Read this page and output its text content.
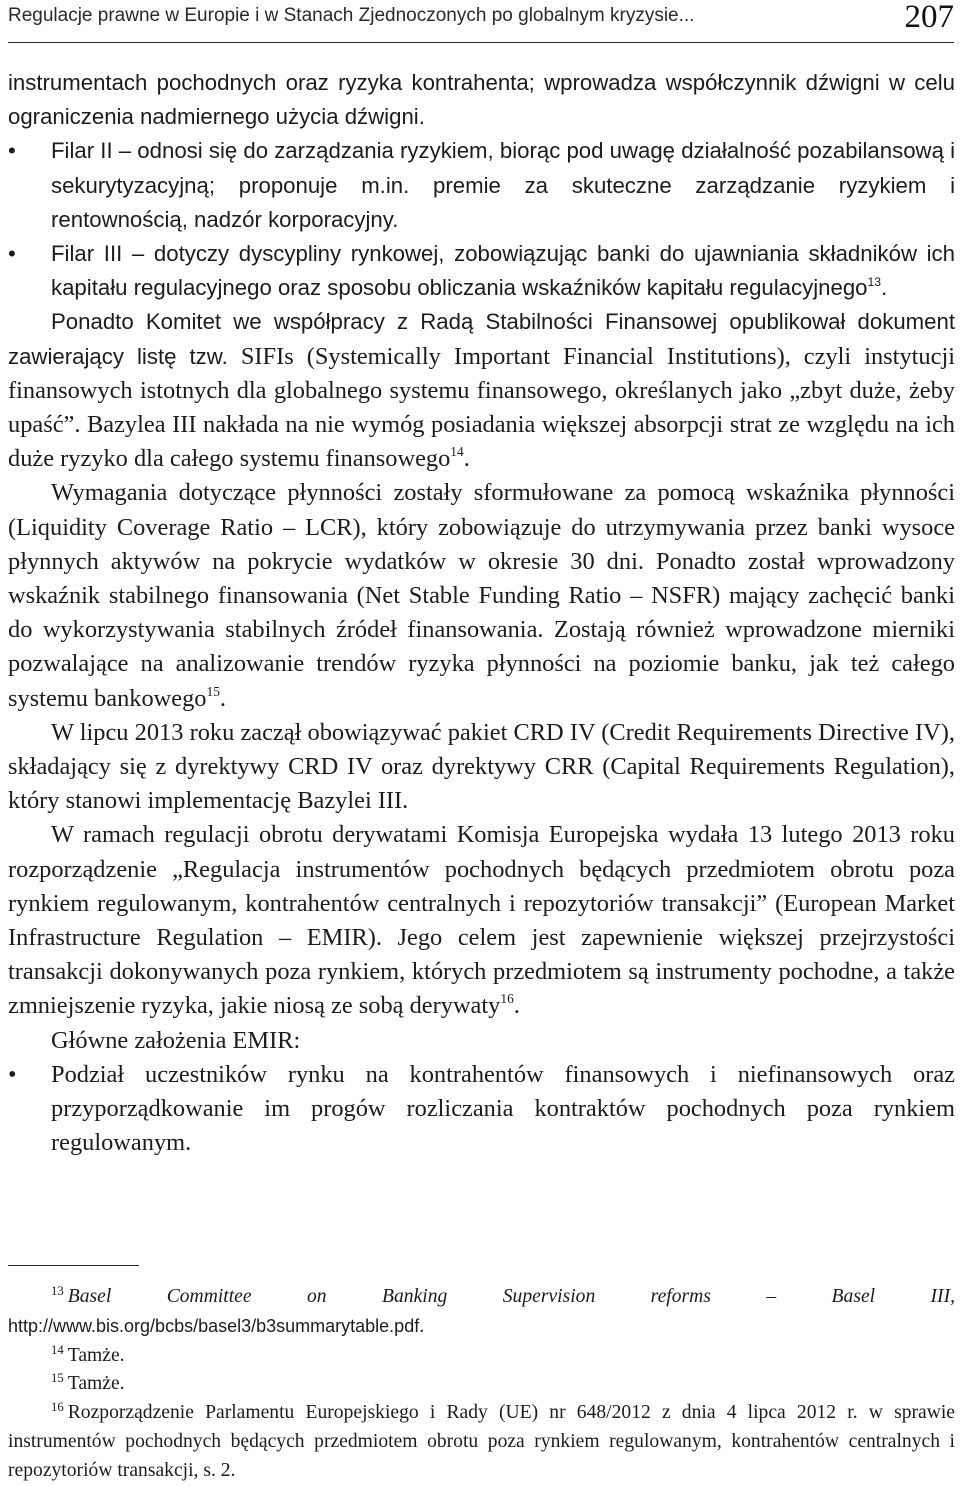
Regulacje prawne w Europie i w Stanach Zjednoczonych po globalnym kryzysie...	207

instrumentach pochodnych oraz ryzyka kontrahenta; wprowadza współczynnik dźwigni w celu ograniczenia nadmiernego użycia dźwigni.

•	Filar II – odnosi się do zarządzania ryzykiem, biorąc pod uwagę działalność pozabilansową i sekurytyzacyjną; proponuje m.in. premie za skuteczne zarządzanie ryzykiem i rentownością, nadzór korporacyjny.

•	Filar III – dotyczy dyscypliny rynkowej, zobowiązując banki do ujawniania składników ich kapitału regulacyjnego oraz sposobu obliczania wskaźników kapitału regulacyjnego$^{13}$.

Ponadto Komitet we współpracy z Radą Stabilności Finansowej opublikował dokument zawierający listę tzw. SIFIs (Systemically Important Financial Institutions), czyli instytucji finansowych istotnych dla globalnego systemu finansowego, określanych jako „zbyt duże, żeby upaść”. Bazylea III nakłada na nie wymóg posiadania większej absorpcji strat ze względu na ich duże ryzyko dla całego systemu finansowego$^{14}$.

Wymagania dotyczące płynności zostały sformułowane za pomocą wskaźnika płynności (Liquidity Coverage Ratio – LCR), który zobowiązuje do utrzymywania przez banki wysoce płynnych aktywów na pokrycie wydatków w okresie 30 dni. Ponadto został wprowadzony wskaźnik stabilnego finansowania (Net Stable Funding Ratio – NSFR) mający zachęcić banki do wykorzystywania stabilnych źródeł finansowania. Zostają również wprowadzone mierniki pozwalające na analizowanie trendów ryzyka płynności na poziomie banku, jak też całego systemu bankowego$^{15}$.

W lipcu 2013 roku zaczął obowiązywać pakiet CRD IV (Credit Requirements Directive IV), składający się z dyrektywy CRD IV oraz dyrektywy CRR (Capital Requirements Regulation), który stanowi implementację Bazylei III.

W ramach regulacji obrotu derywatami Komisja Europejska wydała 13 lutego 2013 roku rozporządzenie „Regulacja instrumentów pochodnych będących przedmiotem obrotu poza rynkiem regulowanym, kontrahentów centralnych i repozytoriów transakcji” (European Market Infrastructure Regulation – EMIR). Jego celem jest zapewnienie większej przejrzystości transakcji dokonywanych poza rynkiem, których przedmiotem są instrumenty pochodne, a także zmniejszenie ryzyka, jakie niosą ze sobą derywaty$^{16}$.

Główne założenia EMIR:

•	Podział uczestników rynku na kontrahentów finansowych i niefinansowych oraz przyporządkowanie im progów rozliczania kontraktów pochodnych poza rynkiem regulowanym.

$^{13}$ Basel Committee on Banking Supervision reforms – Basel III, http://www.bis.org/bcbs/basel3/b3summarytable.pdf.

$^{14}$ Tamże.

$^{15}$ Tamże.

$^{16}$ Rozporządzenie Parlamentu Europejskiego i Rady (UE) nr 648/2012 z dnia 4 lipca 2012 r. w sprawie instrumentów pochodnych będących przedmiotem obrotu poza rynkiem regulowanym, kontrahentów centralnych i repozytoriów transakcji, s. 2.
